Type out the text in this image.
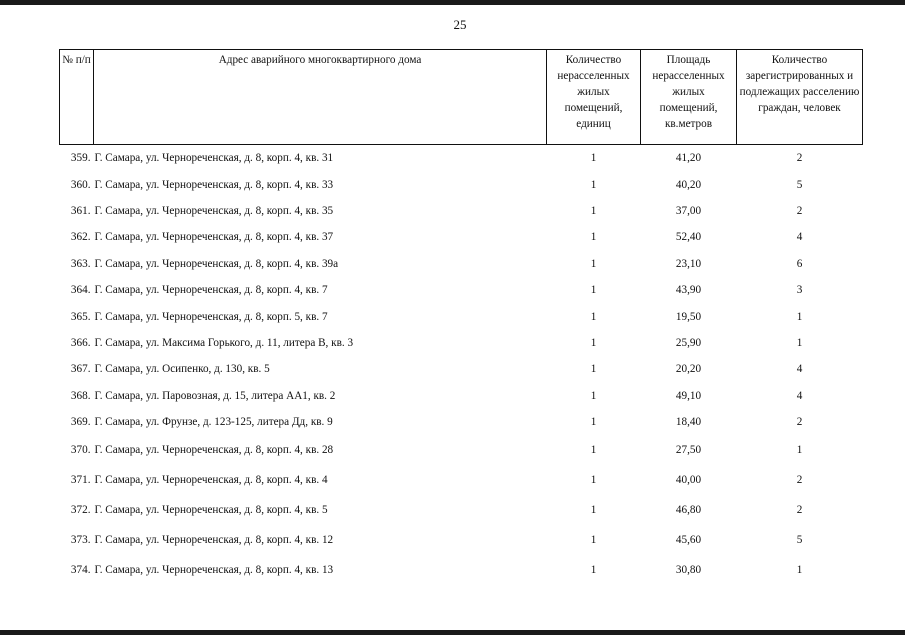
25
№ п/п	Адрес аварийного многоквартирного дома	Количество нерасселенных жилых помещений, единиц	Площадь нерасселенных жилых помещений, кв.метров	Количество зарегистрированных и подлежащих расселению граждан, человек
359.	Г. Самара, ул. Чернореченская, д. 8, корп. 4, кв. 31	1	41,20	2
360.	Г. Самара, ул. Чернореченская, д. 8, корп. 4, кв. 33	1	40,20	5
361.	Г. Самара, ул. Чернореченская, д. 8, корп. 4, кв. 35	1	37,00	2
362.	Г. Самара, ул. Чернореченская, д. 8, корп. 4, кв. 37	1	52,40	4
363.	Г. Самара, ул. Чернореченская, д. 8, корп. 4, кв. 39а	1	23,10	6
364.	Г. Самара, ул. Чернореченская, д. 8, корп. 4, кв. 7	1	43,90	3
365.	Г. Самара, ул. Чернореченская, д. 8, корп. 5, кв. 7	1	19,50	1
366.	Г. Самара, ул. Максима Горького, д. 11, литера В, кв. 3	1	25,90	1
367.	Г. Самара, ул. Осипенко, д. 130, кв. 5	1	20,20	4
368.	Г. Самара, ул. Паровозная, д. 15, литера АА1, кв. 2	1	49,10	4
369.	Г. Самара, ул. Фрунзе, д. 123-125, литера Дд, кв. 9	1	18,40	2
370.	Г. Самара, ул. Чернореченская, д. 8, корп. 4, кв. 28	1	27,50	1
371.	Г. Самара, ул. Чернореченская, д. 8, корп. 4, кв. 4	1	40,00	2
372.	Г. Самара, ул. Чернореченская, д. 8, корп. 4, кв. 5	1	46,80	2
373.	Г. Самара, ул. Чернореченская, д. 8, корп. 4, кв. 12	1	45,60	5
374.	Г. Самара, ул. Чернореченская, д. 8, корп. 4, кв. 13	1	30,80	1
